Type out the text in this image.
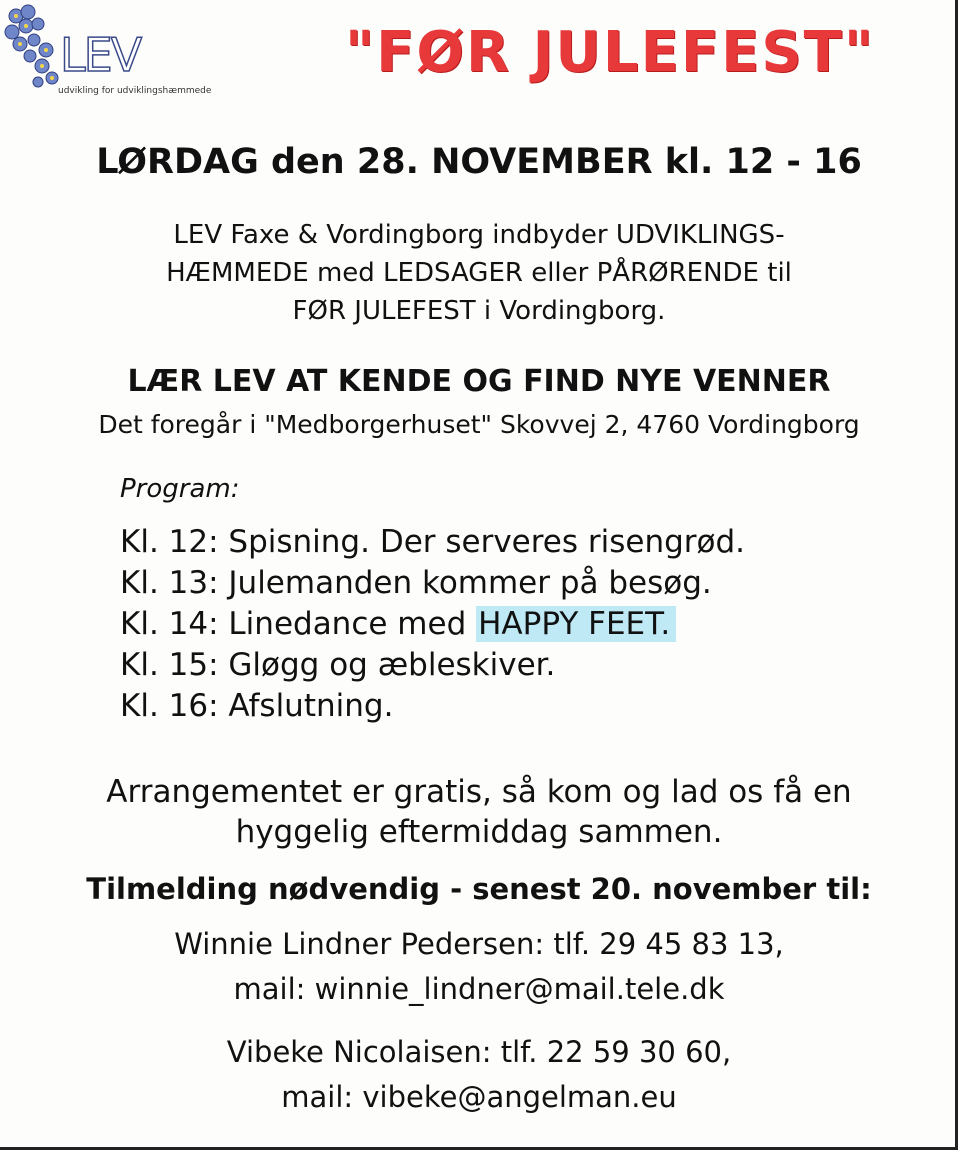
LEV
udvikling for udviklingshæmmede
"FØR JULEFEST"
LØRDAG den 28. NOVEMBER kl. 12 - 16
LEV Faxe & Vordingborg indbyder UDVIKLINGS-
HÆMMEDE med LEDSAGER eller PÅRØRENDE til
FØR JULEFEST i Vordingborg.
LÆR LEV AT KENDE OG FIND NYE VENNER
Det foregår i "Medborgerhuset" Skovvej 2, 4760 Vordingborg
Program:
Kl. 12: Spisning. Der serveres risengrød.
Kl. 13: Julemanden kommer på besøg.
Kl. 14: Linedance med HAPPY FEET.
Kl. 15: Gløgg og æbleskiver.
Kl. 16: Afslutning.
Arrangementet er gratis, så kom og lad os få en
hyggelig eftermiddag sammen.
Tilmelding nødvendig - senest 20. november til:
Winnie Lindner Pedersen: tlf. 29 45 83 13,
mail: winnie_lindner@mail.tele.dk
Vibeke Nicolaisen: tlf. 22 59 30 60,
mail: vibeke@angelman.eu
